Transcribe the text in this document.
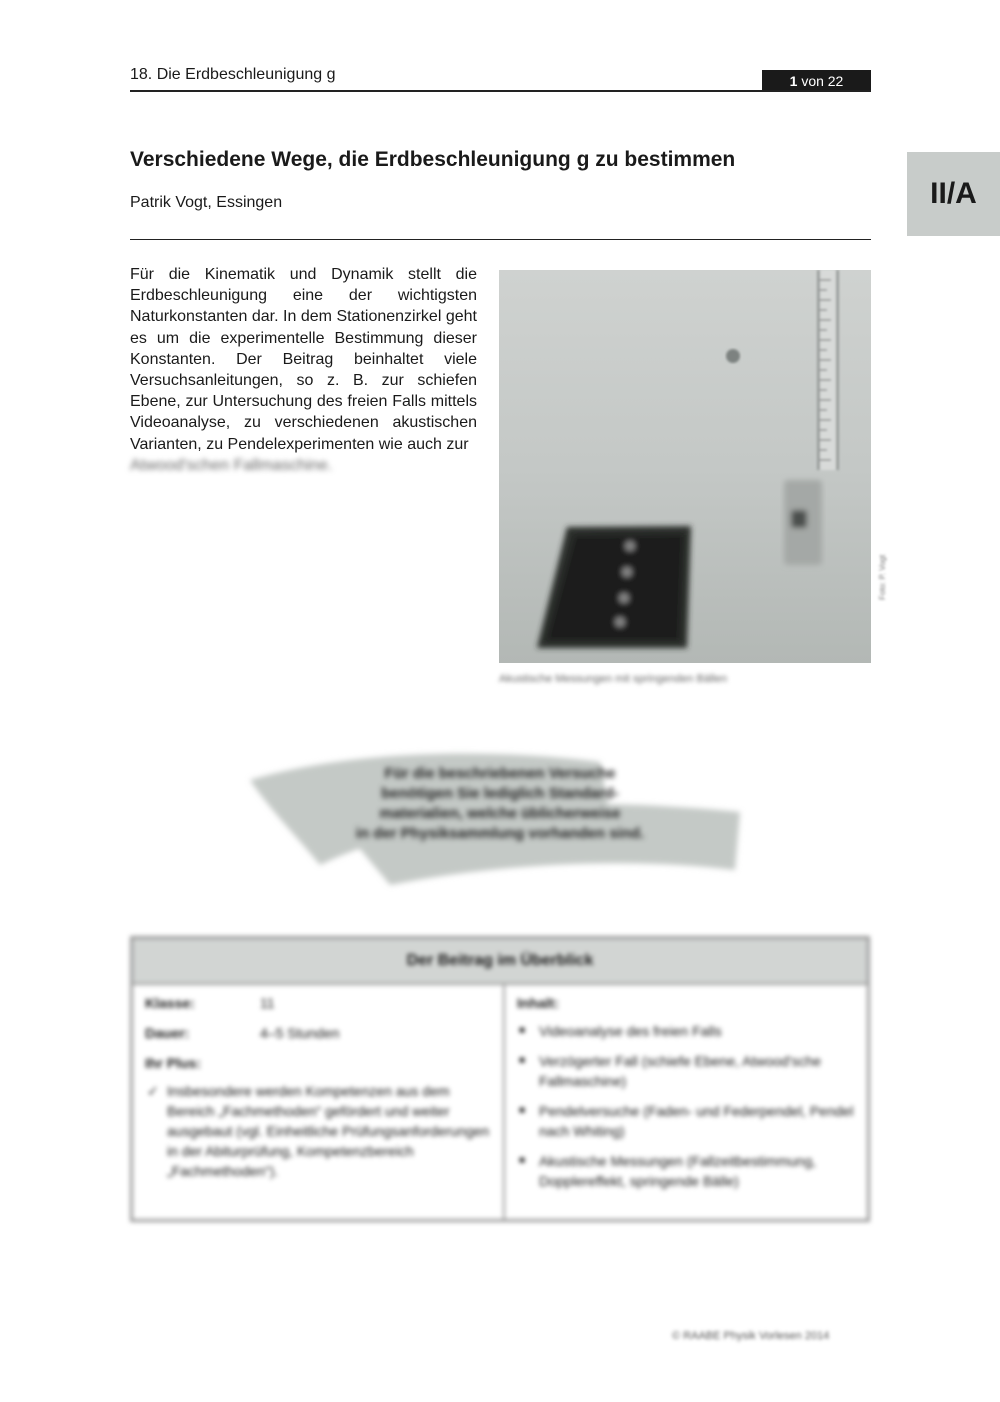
18. Die Erdbeschleunigung g	1 von 22
II/A
Verschiedene Wege, die Erdbeschleunigung g zu bestimmen
Patrik Vogt, Essingen
Für die Kinematik und Dynamik stellt die Erdbeschleunigung eine der wichtigsten Naturkonstanten dar. In dem Stationenzirkel geht es um die experimentelle Bestimmung dieser Konstanten. Der Beitrag beinhaltet viele Versuchsanleitungen, so z. B. zur schiefen Ebene, zur Untersuchung des freien Falls mittels Videoanalyse, zu verschiedenen akustischen Varianten, zu Pendelexperimenten wie auch zur
Atwood'schen Fallmaschine.
Foto: P. Vogt
Akustische Messungen mit springenden Bällen
Für die beschriebenen Versuche
benötigen Sie lediglich Standard-
materialien, welche üblicherweise
in der Physiksammlung vorhanden sind.
Der Beitrag im Überblick
Klasse:	11
Dauer:	4–5 Stunden
Ihr Plus:
✓ Insbesondere werden Kompetenzen aus dem Bereich „Fachmethoden“ gefördert und weiter ausgebaut (vgl. Einheitliche Prüfungsanforderungen in der Abiturprüfung, Kompetenzbereich „Fachmethoden“).
Inhalt:
■ Videoanalyse des freien Falls
■ Verzögerter Fall (schiefe Ebene, Atwood'sche Fallmaschine)
■ Pendelversuche (Faden- und Federpendel, Pendel nach Whiting)
■ Akustische Messungen (Fallzeitbestimmung, Dopplereffekt, springende Bälle)
© RAABE Physik Vorlesen 2014
